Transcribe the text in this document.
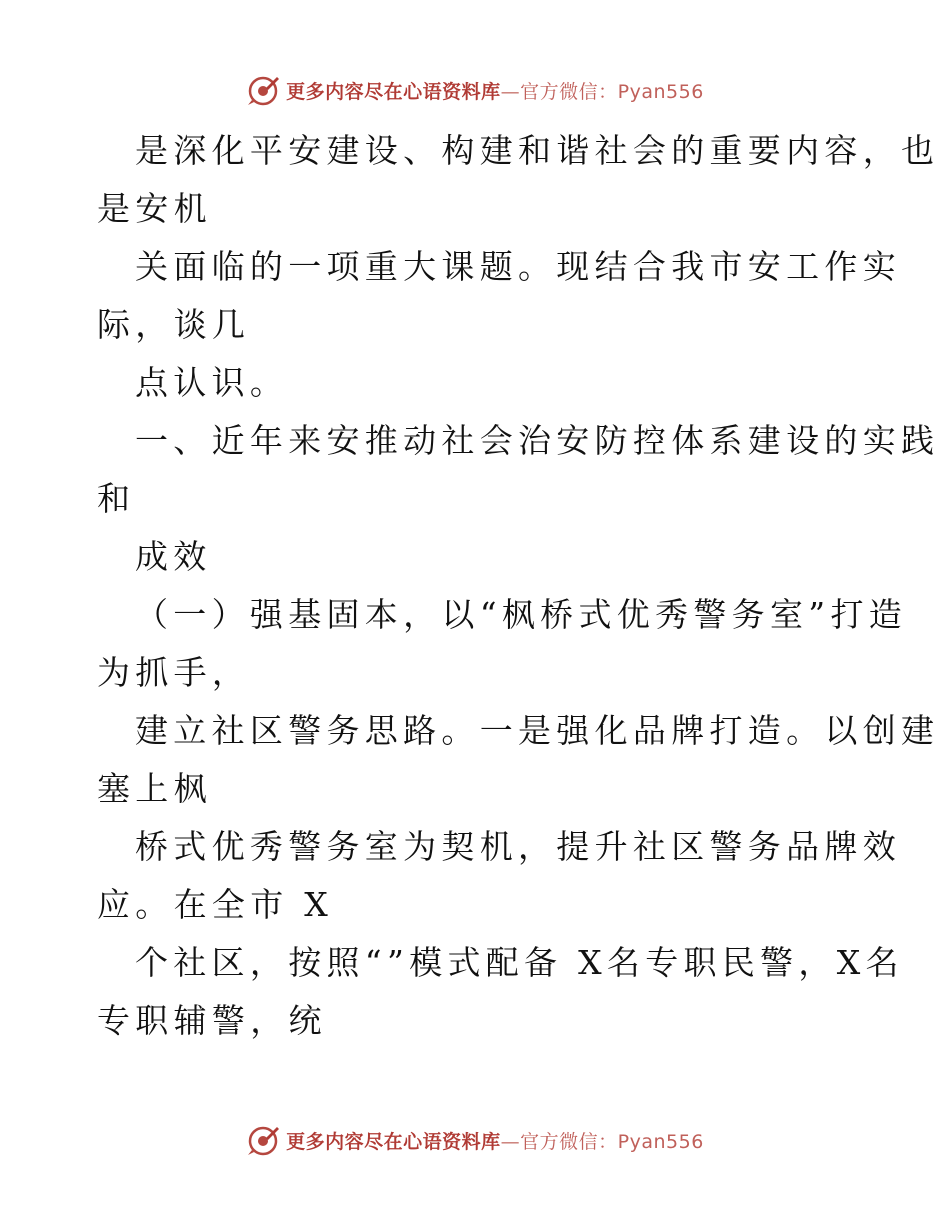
更多内容尽在心语资料库—官方微信：Pyan556
是深化平安建设、构建和谐社会的重要内容，也
是安机
关面临的一项重大课题。现结合我市安工作实
际，谈几
点认识。
一、近年来安推动社会治安防控体系建设的实践
和
成效
（一）强基固本，以“枫桥式优秀警务室”打造
为抓手，
建立社区警务思路。一是强化品牌打造。以创建
塞上枫
桥式优秀警务室为契机，提升社区警务品牌效
应。在全市 X
个社区，按照“”模式配备 X名专职民警，X名
专职辅警，统
更多内容尽在心语资料库—官方微信：Pyan556
